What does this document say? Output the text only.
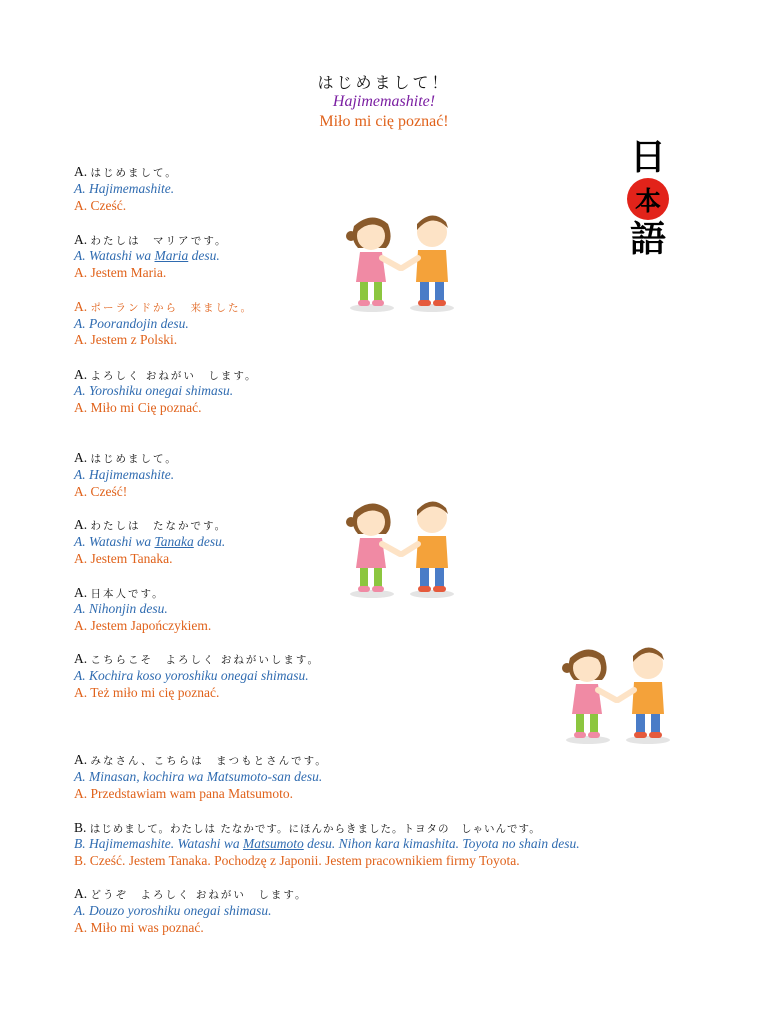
はじめまして！
Hajimemashite!
Miło mi cię poznać!
日
本
語
A. はじめまして。
A. Hajimemashite.
A. Cześć.
A. わたしは　マリアです。
A. Watashi wa Maria desu.
A. Jestem Maria.
A. ポーランドから　来ました。
A. Poorandojin desu.
A. Jestem z Polski.
A. よろしく おねがい　します。
A. Yoroshiku onegai shimasu.
A. Miło mi Cię poznać.
A. はじめまして。
A. Hajimemashite.
A. Cześć!
A. わたしは　たなかです。
A. Watashi wa Tanaka desu.
A. Jestem Tanaka.
A. 日本人です。
A. Nihonjin desu.
A. Jestem Japończykiem.
A. こちらこそ　よろしく おねがいします。
A. Kochira koso yoroshiku onegai shimasu.
A. Też miło mi cię poznać.
A. みなさん、こちらは　まつもとさんです。
A. Minasan, kochira wa Matsumoto-san desu.
A. Przedstawiam wam pana Matsumoto.
B. はじめまして。わたしは たなかです。にほんからきました。トヨタの　しゃいんです。
B. Hajimemashite. Watashi wa Matsumoto desu. Nihon kara kimashita. Toyota no shain desu.
B. Cześć. Jestem Tanaka. Pochodzę z Japonii. Jestem pracownikiem firmy Toyota.
A. どうぞ　よろしく おねがい　します。
A. Douzo yoroshiku onegai shimasu.
A. Miło mi was poznać.
